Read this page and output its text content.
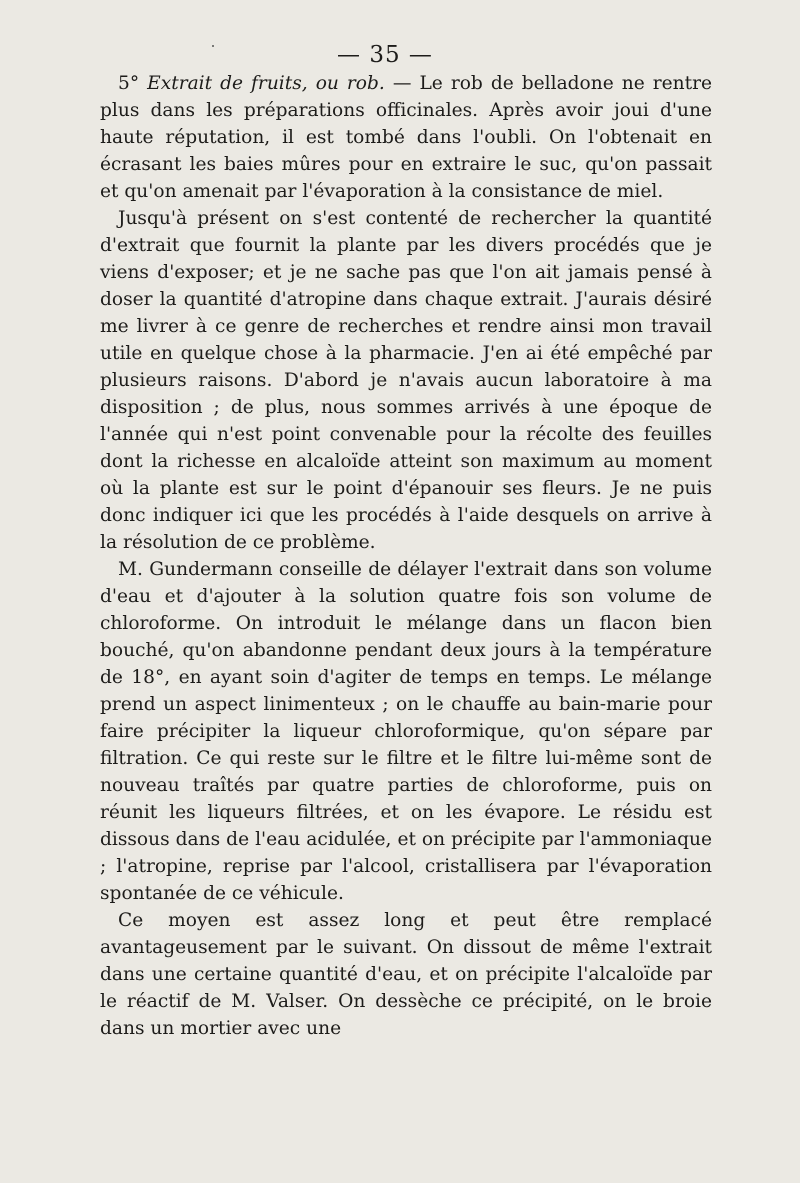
— 35 —

5° Extrait de fruits, ou rob. — Le rob de belladone ne rentre plus dans les préparations officinales. Après avoir joui d'une haute réputation, il est tombé dans l'oubli. On l'obtenait en écrasant les baies mûres pour en extraire le suc, qu'on passait et qu'on amenait par l'évaporation à la consistance de miel.

Jusqu'à présent on s'est contenté de rechercher la quantité d'extrait que fournit la plante par les divers procédés que je viens d'exposer; et je ne sache pas que l'on ait jamais pensé à doser la quantité d'atropine dans chaque extrait. J'aurais désiré me livrer à ce genre de recherches et rendre ainsi mon travail utile en quelque chose à la pharmacie. J'en ai été empêché par plusieurs raisons. D'abord je n'avais aucun laboratoire à ma disposition ; de plus, nous sommes arrivés à une époque de l'année qui n'est point convenable pour la récolte des feuilles dont la richesse en alcaloïde atteint son maximum au moment où la plante est sur le point d'épanouir ses fleurs. Je ne puis donc indiquer ici que les procédés à l'aide desquels on arrive à la résolution de ce problème.

M. Gundermann conseille de délayer l'extrait dans son volume d'eau et d'ajouter à la solution quatre fois son volume de chloroforme. On introduit le mélange dans un flacon bien bouché, qu'on abandonne pendant deux jours à la température de 18°, en ayant soin d'agiter de temps en temps. Le mélange prend un aspect linimenteux ; on le chauffe au bain-marie pour faire précipiter la liqueur chloroformique, qu'on sépare par filtration. Ce qui reste sur le filtre et le filtre lui-même sont de nouveau traîtés par quatre parties de chloroforme, puis on réunit les liqueurs filtrées, et on les évapore. Le résidu est dissous dans de l'eau acidulée, et on précipite par l'ammoniaque ; l'atropine, reprise par l'alcool, cristallisera par l'évaporation spontanée de ce véhicule.

Ce moyen est assez long et peut être remplacé avantageusement par le suivant. On dissout de même l'extrait dans une certaine quantité d'eau, et on précipite l'alcaloïde par le réactif de M. Valser. On dessèche ce précipité, on le broie dans un mortier avec une
